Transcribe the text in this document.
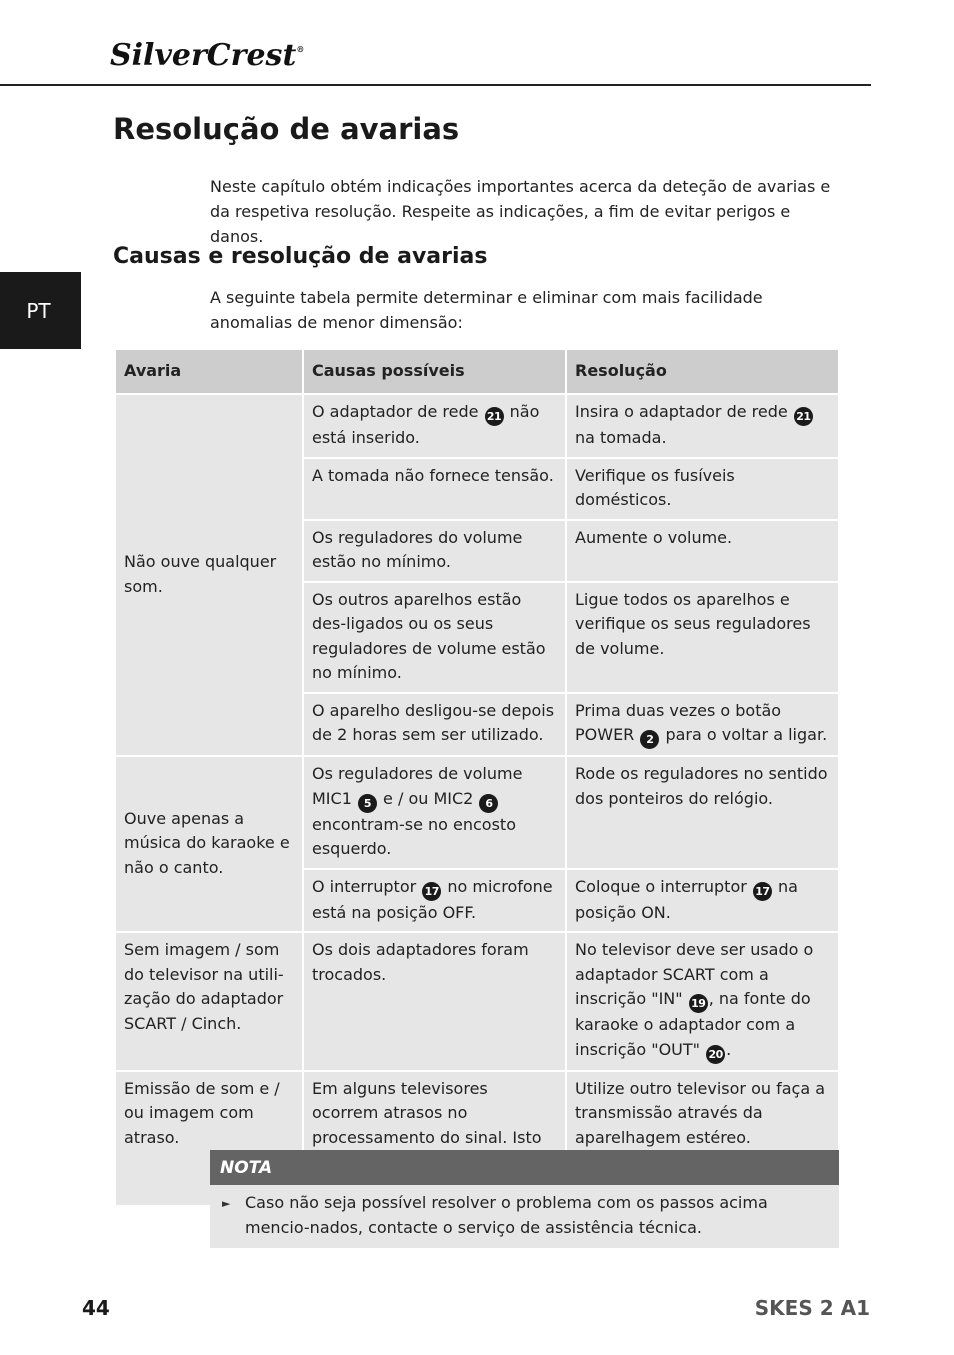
SilverCrest®
Resolução de avarias

Neste capítulo obtém indicações importantes acerca da deteção de avarias e da respetiva resolução. Respeite as indicações, a fim de evitar perigos e danos.

PT
Causas e resolução de avarias

A seguinte tabela permite determinar e eliminar com mais facilidade anomalias de menor dimensão:

Avaria	Causas possíveis	Resolução
Não ouve qualquer som.	O adaptador de rede 21 não está inserido.	Insira o adaptador de rede 21 na tomada.
	A tomada não fornece tensão.	Verifique os fusíveis domésticos.
	Os reguladores do volume estão no mínimo.	Aumente o volume.
	Os outros aparelhos estão des-ligados ou os seus reguladores de volume estão no mínimo.	Ligue todos os aparelhos e verifique os seus reguladores de volume.
	O aparelho desligou-se depois de 2 horas sem ser utilizado.	Prima duas vezes o botão POWER 2 para o voltar a ligar.
Ouve apenas a música do karaoke e não o canto.	Os reguladores de volume MIC1 5 e / ou MIC2 6 encontram-se no encosto esquerdo.	Rode os reguladores no sentido dos ponteiros do relógio.
	O interruptor 17 no microfone está na posição OFF.	Coloque o interruptor 17 na posição ON.
Sem imagem / som do televisor na utili-zação do adaptador SCART / Cinch.	Os dois adaptadores foram trocados.	No televisor deve ser usado o adaptador SCART com a inscrição "IN" 19 , na fonte do karaoke o adaptador com a inscrição "OUT" 20 .
Emissão de som e / ou imagem com atraso.	Em alguns televisores ocorrem atrasos no processamento do sinal. Isto	Utilize outro televisor ou faça a transmissão através da aparelhagem estéreo.
NOTA
► Caso não seja possível resolver o problema com os passos acima mencio-nados, contacte o serviço de assistência técnica.
44	SKES 2 A1
